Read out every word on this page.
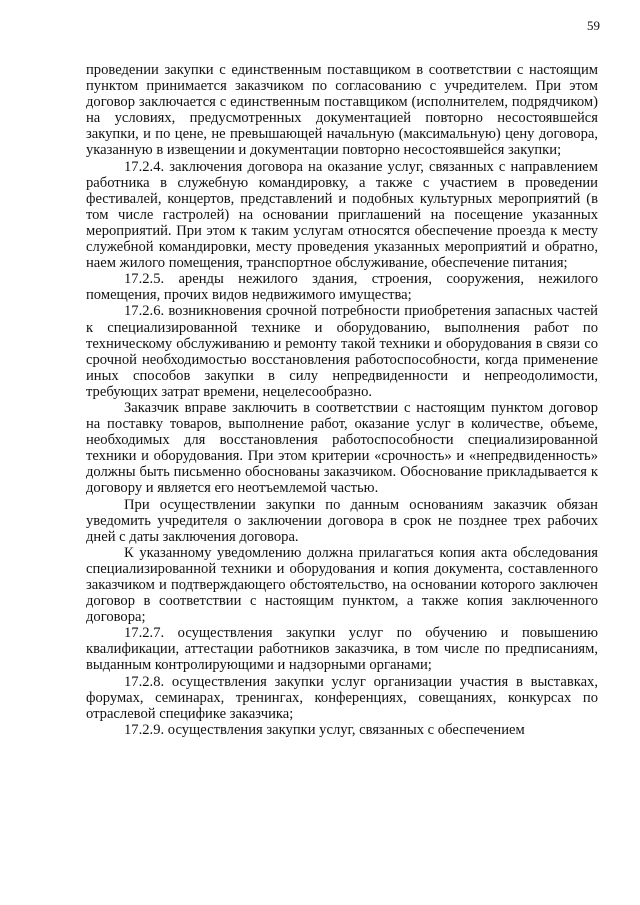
59

проведении закупки с единственным поставщиком в соответствии с настоящим пунктом принимается заказчиком по согласованию с учредителем. При этом договор заключается с единственным поставщиком (исполнителем, подрядчиком) на условиях, предусмотренных документацией повторно несостоявшейся закупки, и по цене, не превышающей начальную (максимальную) цену договора, указанную в извещении и документации повторно несостоявшейся закупки;

17.2.4. заключения договора на оказание услуг, связанных с направлением работника в служебную командировку, а также с участием в проведении фестивалей, концертов, представлений и подобных культурных мероприятий (в том числе гастролей) на основании приглашений на посещение указанных мероприятий. При этом к таким услугам относятся обеспечение проезда к месту служебной командировки, месту проведения указанных мероприятий и обратно, наем жилого помещения, транспортное обслуживание, обеспечение питания;

17.2.5. аренды нежилого здания, строения, сооружения, нежилого помещения, прочих видов недвижимого имущества;

17.2.6. возникновения срочной потребности приобретения запасных частей к специализированной технике и оборудованию, выполнения работ по техническому обслуживанию и ремонту такой техники и оборудования в связи со срочной необходимостью восстановления работоспособности, когда применение иных способов закупки в силу непредвиденности и непреодолимости, требующих затрат времени, нецелесообразно.

Заказчик вправе заключить в соответствии с настоящим пунктом договор на поставку товаров, выполнение работ, оказание услуг в количестве, объеме, необходимых для восстановления работоспособности специализированной техники и оборудования. При этом критерии «срочность» и «непредвиденность» должны быть письменно обоснованы заказчиком. Обоснование прикладывается к договору и является его неотъемлемой частью.

При осуществлении закупки по данным основаниям заказчик обязан уведомить учредителя о заключении договора в срок не позднее трех рабочих дней с даты заключения договора.

К указанному уведомлению должна прилагаться копия акта обследования специализированной техники и оборудования и копия документа, составленного заказчиком и подтверждающего обстоятельство, на основании которого заключен договор в соответствии с настоящим пунктом, а также копия заключенного договора;

17.2.7. осуществления закупки услуг по обучению и повышению квалификации, аттестации работников заказчика, в том числе по предписаниям, выданным контролирующими и надзорными органами;

17.2.8. осуществления закупки услуг организации участия в выставках, форумах, семинарах, тренингах, конференциях, совещаниях, конкурсах по отраслевой специфике заказчика;

17.2.9. осуществления закупки услуг, связанных с обеспечением
